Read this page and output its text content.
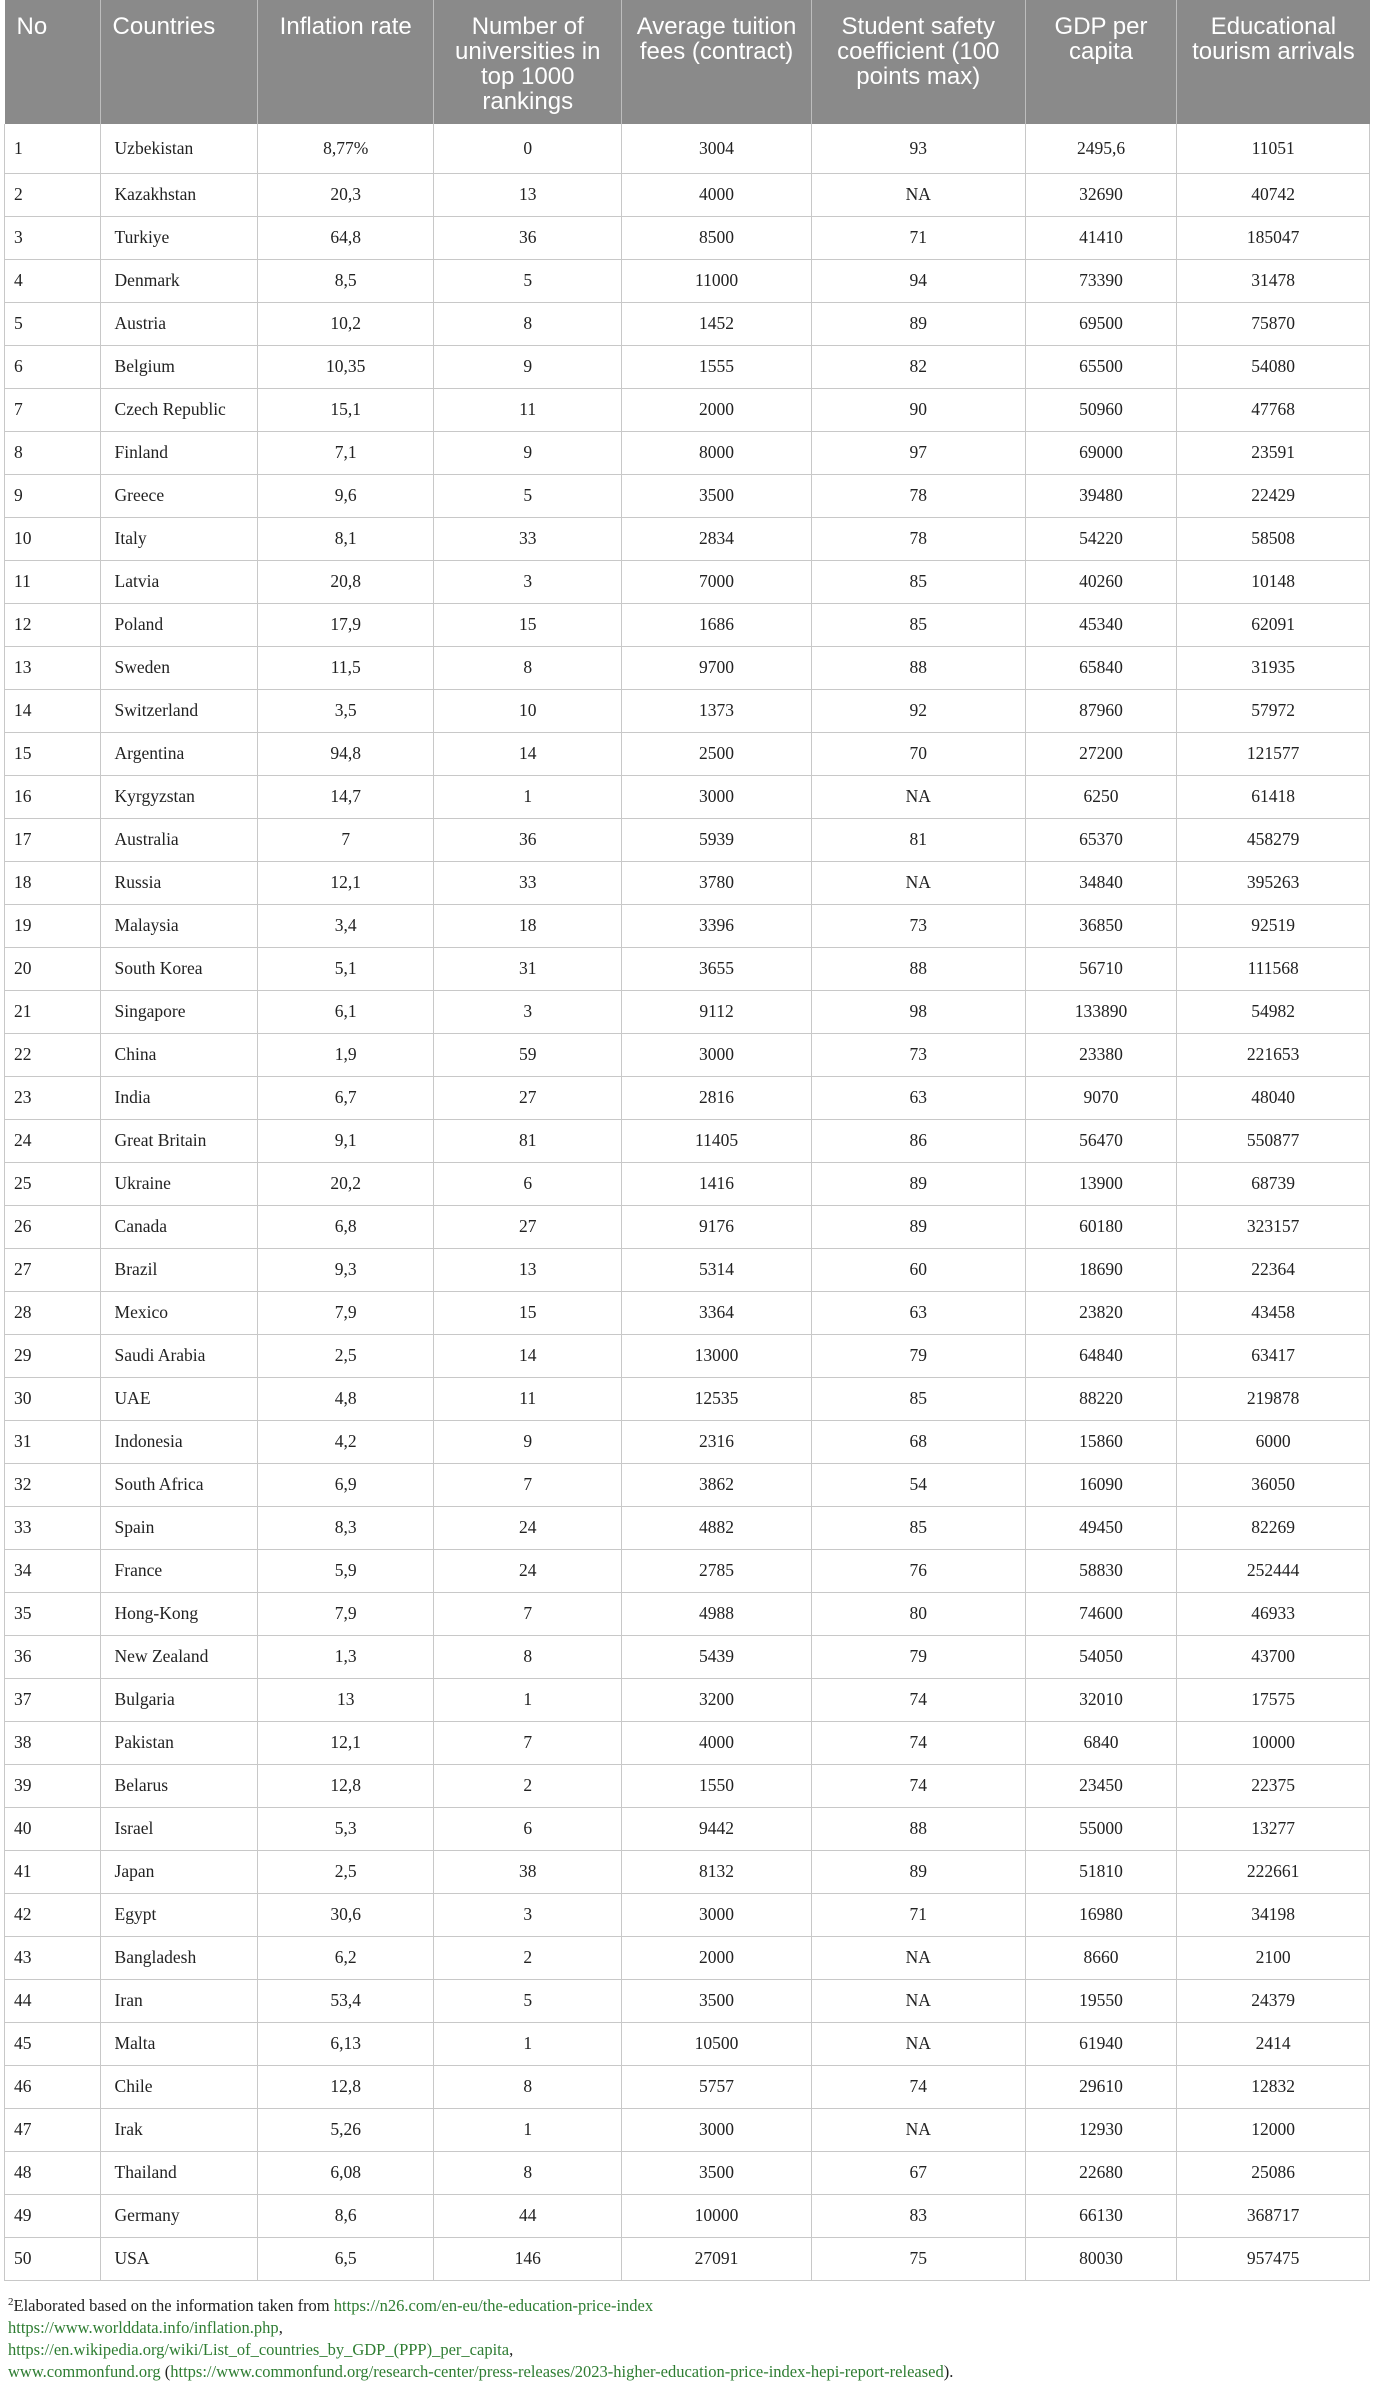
No	Countries	Inflation rate	Number of universities in top 1000 rankings	Average tuition fees (contract)	Student safety coefficient (100 points max)	GDP per capita	Educational tourism arrivals
1	Uzbekistan	8,77%	0	3004	93	2495,6	11051
2	Kazakhstan	20,3	13	4000	NA	32690	40742
3	Turkiye	64,8	36	8500	71	41410	185047
4	Denmark	8,5	5	11000	94	73390	31478
5	Austria	10,2	8	1452	89	69500	75870
6	Belgium	10,35	9	1555	82	65500	54080
7	Czech Republic	15,1	11	2000	90	50960	47768
8	Finland	7,1	9	8000	97	69000	23591
9	Greece	9,6	5	3500	78	39480	22429
10	Italy	8,1	33	2834	78	54220	58508
11	Latvia	20,8	3	7000	85	40260	10148
12	Poland	17,9	15	1686	85	45340	62091
13	Sweden	11,5	8	9700	88	65840	31935
14	Switzerland	3,5	10	1373	92	87960	57972
15	Argentina	94,8	14	2500	70	27200	121577
16	Kyrgyzstan	14,7	1	3000	NA	6250	61418
17	Australia	7	36	5939	81	65370	458279
18	Russia	12,1	33	3780	NA	34840	395263
19	Malaysia	3,4	18	3396	73	36850	92519
20	South Korea	5,1	31	3655	88	56710	111568
21	Singapore	6,1	3	9112	98	133890	54982
22	China	1,9	59	3000	73	23380	221653
23	India	6,7	27	2816	63	9070	48040
24	Great Britain	9,1	81	11405	86	56470	550877
25	Ukraine	20,2	6	1416	89	13900	68739
26	Canada	6,8	27	9176	89	60180	323157
27	Brazil	9,3	13	5314	60	18690	22364
28	Mexico	7,9	15	3364	63	23820	43458
29	Saudi Arabia	2,5	14	13000	79	64840	63417
30	UAE	4,8	11	12535	85	88220	219878
31	Indonesia	4,2	9	2316	68	15860	6000
32	South Africa	6,9	7	3862	54	16090	36050
33	Spain	8,3	24	4882	85	49450	82269
34	France	5,9	24	2785	76	58830	252444
35	Hong-Kong	7,9	7	4988	80	74600	46933
36	New Zealand	1,3	8	5439	79	54050	43700
37	Bulgaria	13	1	3200	74	32010	17575
38	Pakistan	12,1	7	4000	74	6840	10000
39	Belarus	12,8	2	1550	74	23450	22375
40	Israel	5,3	6	9442	88	55000	13277
41	Japan	2,5	38	8132	89	51810	222661
42	Egypt	30,6	3	3000	71	16980	34198
43	Bangladesh	6,2	2	2000	NA	8660	2100
44	Iran	53,4	5	3500	NA	19550	24379
45	Malta	6,13	1	10500	NA	61940	2414
46	Chile	12,8	8	5757	74	29610	12832
47	Irak	5,26	1	3000	NA	12930	12000
48	Thailand	6,08	8	3500	67	22680	25086
49	Germany	8,6	44	10000	83	66130	368717
50	USA	6,5	146	27091	75	80030	957475
$^2$Elaborated based on the information taken from https://n26.com/en-eu/the-education-price-index
https://www.worlddata.info/inflation.php,
https://en.wikipedia.org/wiki/List_of_countries_by_GDP_(PPP)_per_capita,
www.commonfund.org (https://www.commonfund.org/research-center/press-releases/2023-higher-education-price-index-hepi-report-released).
